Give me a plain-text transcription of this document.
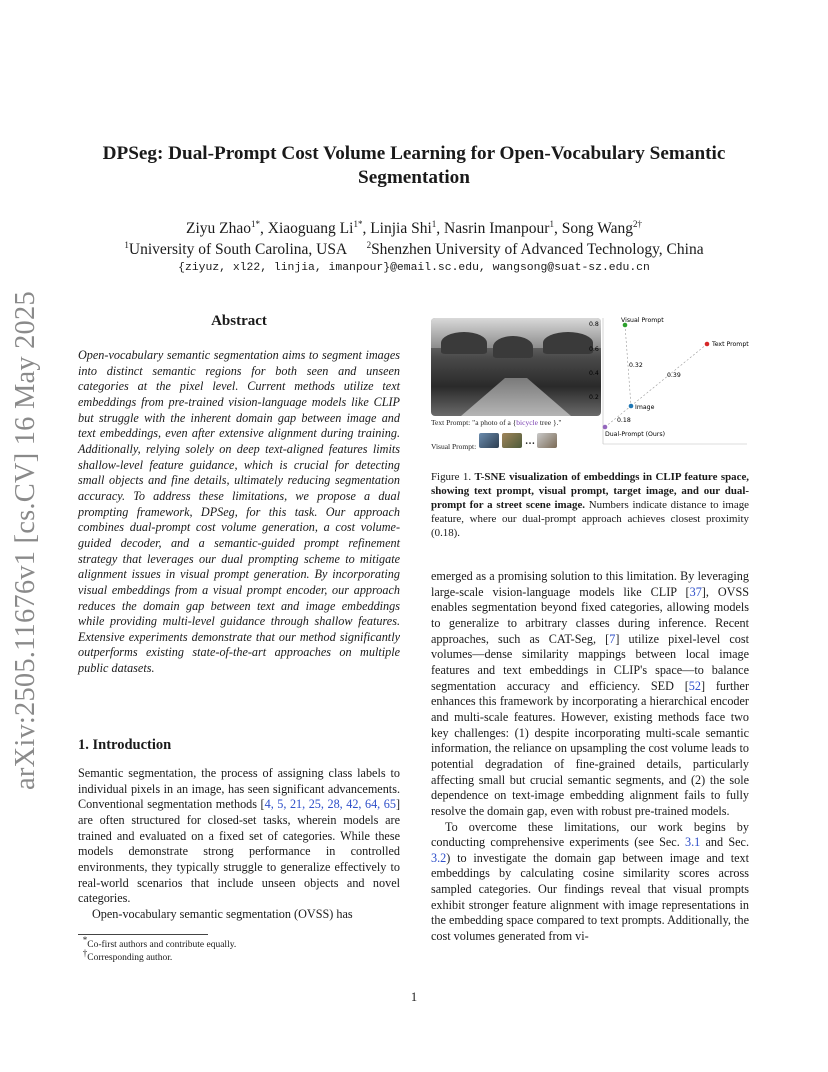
arXiv:2505.11676v1 [cs.CV] 16 May 2025
DPSeg: Dual-Prompt Cost Volume Learning for Open-Vocabulary Semantic
Segmentation
Ziyu Zhao$^{1*}$, Xiaoguang $Li^{1*}$, Linjia Shi$^1$, Nasrin Imanpour$^1$, Song Wang$^{2\dagger}$
$^1$University of South Carolina, USA $^2$Shenzhen University of Advanced Technology, China
{ziyuz, xl22, linjia, imanpour}@email.sc.edu, wangsong@suat-sz.edu.cn
Abstract
Open-vocabulary semantic segmentation aims to segment images into distinct semantic regions for both seen and unseen categories at the pixel level. Current methods utilize text embeddings from pre-trained vision-language models like CLIP but struggle with the inherent domain gap between image and text embeddings, even after extensive alignment during training. Additionally, relying solely on deep text-aligned features limits shallow-level feature guidance, which is crucial for detecting small objects and fine details, ultimately reducing segmentation accuracy. To address these limitations, we propose a dual prompting framework, DPSeg, for this task. Our approach combines dual-prompt cost volume generation, a cost volume-guided decoder, and a semantic-guided prompt refinement strategy that leverages our dual prompting scheme to mitigate alignment issues in visual prompt generation. By incorporating visual embeddings from a visual prompt encoder, our approach reduces the domain gap between text and image embeddings while providing multi-level guidance through shallow features. Extensive experiments demonstrate that our method significantly outperforms existing state-of-the-art approaches on multiple public datasets.
1. Introduction
Semantic segmentation, the process of assigning class labels to individual pixels in an image, has seen significant advancements. Conventional segmentation methods [4, 5, 21, 25, 28, 42, 64, 65] are often structured for closed-set tasks, wherein models are trained and evaluated on a fixed set of categories. While these models demonstrate strong performance in controlled environments, they typically struggle to generalize effectively to real-world scenarios that include unseen objects and novel categories.
Open-vocabulary semantic segmentation (OVSS) has
*Co-first authors and contribute equally.
†Corresponding author.
Text Prompt: "a photo of a {bicycle tree }."
Visual Prompt:	…
0.8
0.6
0.4
0.2
Visual Prompt
Text Prompt
Image
Dual-Prompt (Ours)
0.32
0.39
0.18
Figure 1. T-SNE visualization of embeddings in CLIP feature space, showing text prompt, visual prompt, target image, and our dual-prompt for a street scene image. Numbers indicate distance to image feature, where our dual-prompt approach achieves closest proximity (0.18).
emerged as a promising solution to this limitation. By leveraging large-scale vision-language models like CLIP [37], OVSS enables segmentation beyond fixed categories, allowing models to generalize to arbitrary classes during inference. Recent approaches, such as CAT-Seg, [7] utilize pixel-level cost volumes—dense similarity mappings between local image features and text embeddings in CLIP's space—to balance segmentation accuracy and efficiency. SED [52] further enhances this framework by incorporating a hierarchical encoder and multi-scale features. However, existing methods face two key challenges: (1) despite incorporating multi-scale semantic information, the reliance on upsampling the cost volume leads to potential degradation of fine-grained details, particularly affecting small but crucial semantic segments, and (2) the sole dependence on text-image embedding alignment fails to fully resolve the domain gap, even with robust pre-trained models.
To overcome these limitations, our work begins by conducting comprehensive experiments (see Sec. 3.1 and Sec. 3.2) to investigate the domain gap between image and text embeddings by calculating cosine similarity scores across sampled categories. Our findings reveal that visual prompts exhibit stronger feature alignment with image representations in the embedding space compared to text prompts. Additionally, the cost volumes generated from vi-
1
